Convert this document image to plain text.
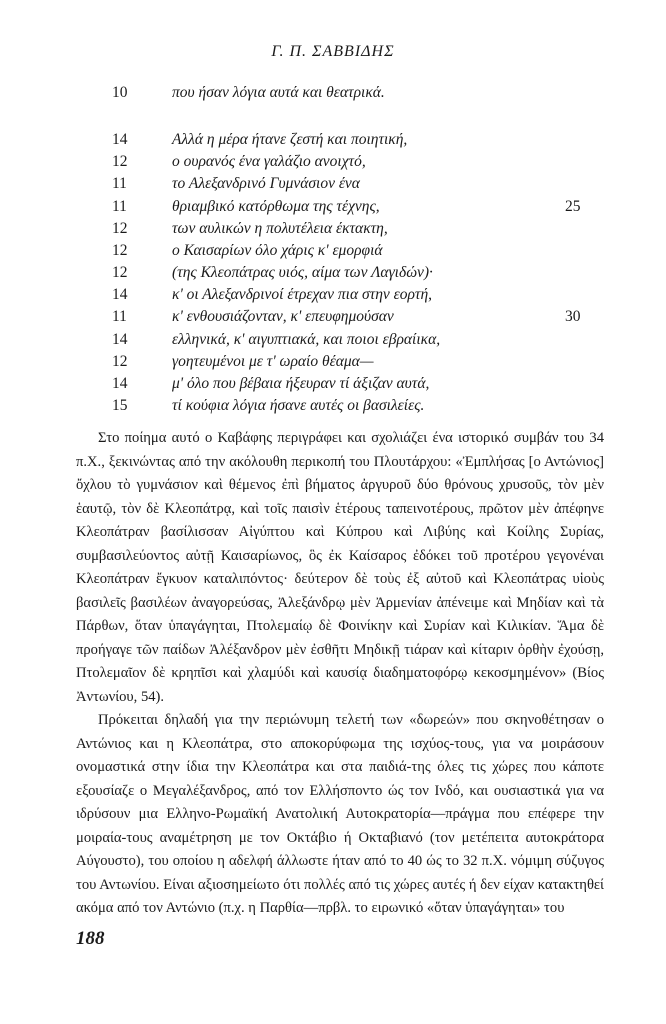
Γ. Π. ΣΑΒΒΙΔΗΣ
10	που ήσαν λόγια αυτά και θεατρικά.
14	Αλλά η μέρα ήτανε ζεστή και ποιητική,
12	ο ουρανός ένα γαλάζιο ανοιχτό,
11	το Αλεξανδρινό Γυμνάσιον ένα
11	θριαμβικό κατόρθωμα της τέχνης,	25
12	των αυλικών η πολυτέλεια έκτακτη,
12	ο Καισαρίων όλο χάρις κ' εμορφιά
12	(της Κλεοπάτρας υιός, αίμα των Λαγιδών)·
14	κ' οι Αλεξανδρινοί έτρεχαν πια στην εορτή,
11	κ' ενθουσιάζονταν, κ' επευφημούσαν	30
14	ελληνικά, κ' αιγυπτιακά, και ποιοι εβραίικα,
12	γοητευμένοι με τ' ωραίο θέαμα—
14	μ' όλο που βέβαια ήξευραν τί άξιζαν αυτά,
15	τί κούφια λόγια ήσανε αυτές οι βασιλείες.

Στο ποίημα αυτό ο Καβάφης περιγράφει και σχολιάζει ένα ιστορικό συμβάν του 34 π.Χ., ξεκινώντας από την ακόλουθη περικοπή του Πλουτάρχου: «Ἐμπλήσας [ο Αντώνιος] ὄχλου τὸ γυμνάσιον καὶ θέμενος ἐπὶ βήματος ἀργυροῦ δύο θρόνους χρυσοῦς, τὸν μὲν ἑαυτῷ, τὸν δὲ Κλεοπάτρᾳ, καὶ τοῖς παισὶν ἑτέρους ταπεινοτέρους, πρῶτον μὲν ἀπέφηνε Κλεοπάτραν βασίλισσαν Αἰγύπτου καὶ Κύπρου καὶ Λιβύης καὶ Κοίλης Συρίας, συμβασιλεύοντος αὐτῇ Καισαρίωνος, ὃς ἐκ Καίσαρος ἐδόκει τοῦ προτέρου γεγονέναι Κλεοπάτραν ἔγκυον καταλιπόντος· δεύτερον δὲ τοὺς ἐξ αὐτοῦ καὶ Κλεοπάτρας υἱοὺς βασιλεῖς βασιλέων ἀναγορεύσας, Ἀλεξάνδρῳ μὲν Ἀρμενίαν ἀπένειμε καὶ Μηδίαν καὶ τὰ Πάρθων, ὅταν ὑπαγάγηται, Πτολεμαίῳ δὲ Φοινίκην καὶ Συρίαν καὶ Κιλικίαν. Ἅμα δὲ προήγαγε τῶν παίδων Ἀλέξανδρον μὲν ἐσθῆτι Μηδικῇ τιάραν καὶ κίταριν ὀρθὴν ἐχούσῃ, Πτολεμαῖον δὲ κρηπῖσι καὶ χλαμύδι καὶ καυσίᾳ διαδηματοφόρῳ κεκοσμημένον» (Βίος Ἀντωνίου, 54).

Πρόκειται δηλαδή για την περιώνυμη τελετή των «δωρεών» που σκηνοθέτησαν ο Αντώνιος και η Κλεοπάτρα, στο αποκορύφωμα της ισχύος-τους, για να μοιράσουν ονομαστικά στην ίδια την Κλεοπάτρα και στα παιδιά-της όλες τις χώρες που κάποτε εξουσίαζε ο Μεγαλέξανδρος, από τον Ελλήσποντο ώς τον Ινδό, και ουσιαστικά για να ιδρύσουν μια Ελληνο-Ρωμαϊκή Ανατολική Αυτοκρατορία—πράγμα που επέφερε την μοιραία-τους αναμέτρηση με τον Οκτάβιο ή Οκταβιανό (τον μετέπειτα αυτοκράτορα Αύγουστο), του οποίου η αδελφή άλλωστε ήταν από το 40 ώς το 32 π.Χ. νόμιμη σύζυγος του Αντωνίου. Είναι αξιοσημείωτο ότι πολλές από τις χώρες αυτές ή δεν είχαν κατακτηθεί ακόμα από τον Αντώνιο (π.χ. η Παρθία—πρβλ. το ειρωνικό «ὅταν ὑπαγάγηται» του

188
